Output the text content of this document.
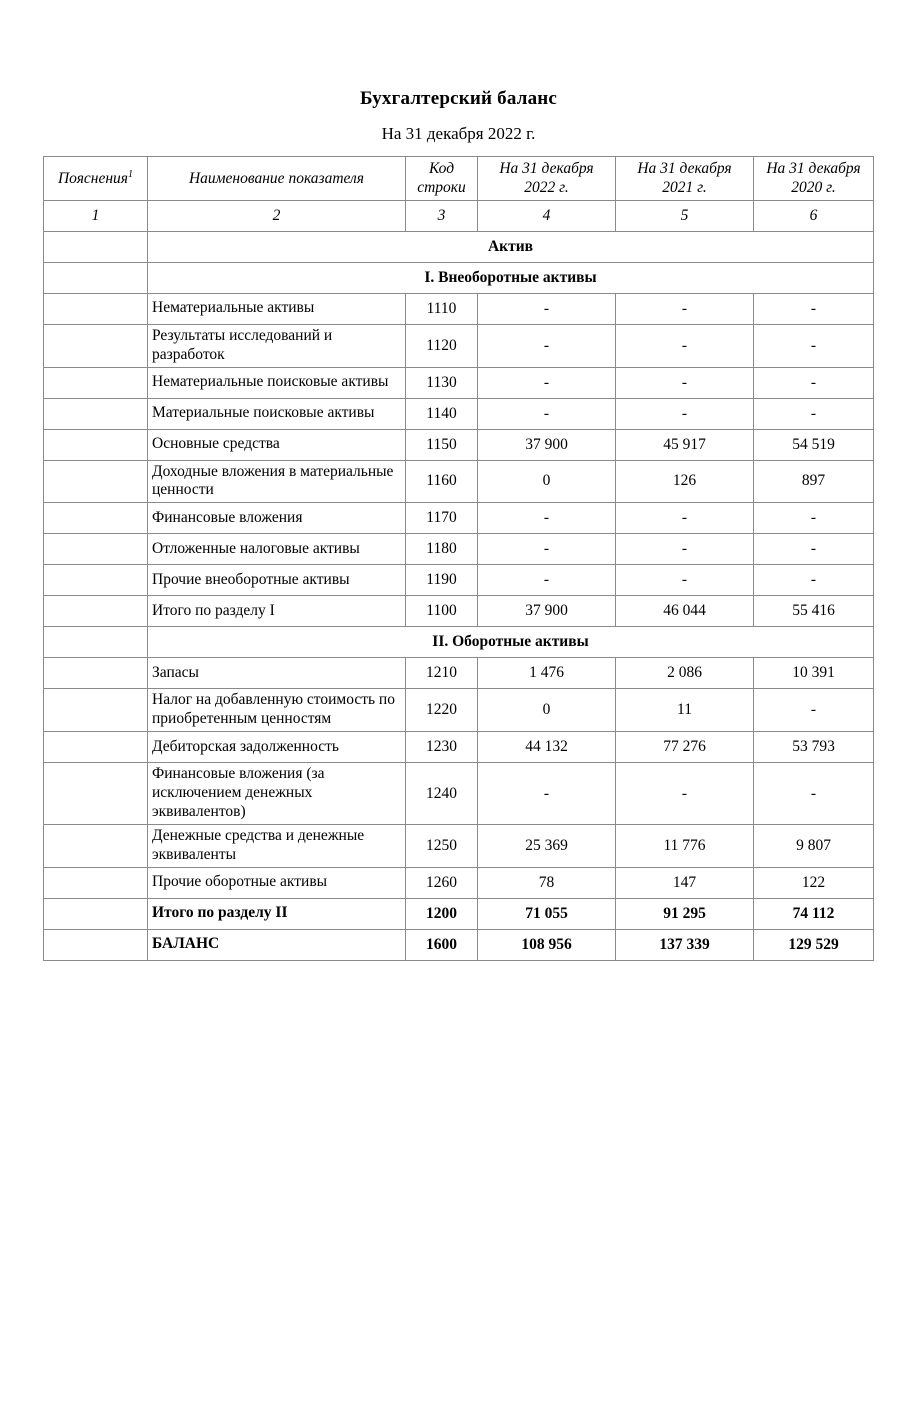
Бухгалтерский баланс
На 31 декабря 2022 г.
Пояснения$^1$	Наименование показателя	Код строки	На 31 декабря 2022 г.	На 31 декабря 2021 г.	На 31 декабря 2020 г.
1	2	3	4	5	6
	Актив				
	I. Внеоборотные активы				
	Нематериальные активы	1110	-	-	-
	Результаты исследований и разработок	1120	-	-	-
	Нематериальные поисковые активы	1130	-	-	-
	Материальные поисковые активы	1140	-	-	-
	Основные средства	1150	37 900	45 917	54 519
	Доходные вложения в материальные ценности	1160	0	126	897
	Финансовые вложения	1170	-	-	-
	Отложенные налоговые активы	1180	-	-	-
	Прочие внеоборотные активы	1190	-	-	-
	Итого по разделу I	1100	37 900	46 044	55 416
	II. Оборотные активы				
	Запасы	1210	1 476	2 086	10 391
	Налог на добавленную стоимость по приобретенным ценностям	1220	0	11	-
	Дебиторская задолженность	1230	44 132	77 276	53 793
	Финансовые вложения (за исключением денежных эквивалентов)	1240	-	-	-
	Денежные средства и денежные эквиваленты	1250	25 369	11 776	9 807
	Прочие оборотные активы	1260	78	147	122
	Итого по разделу II	1200	71 055	91 295	74 112
	БАЛАНС	1600	108 956	137 339	129 529
